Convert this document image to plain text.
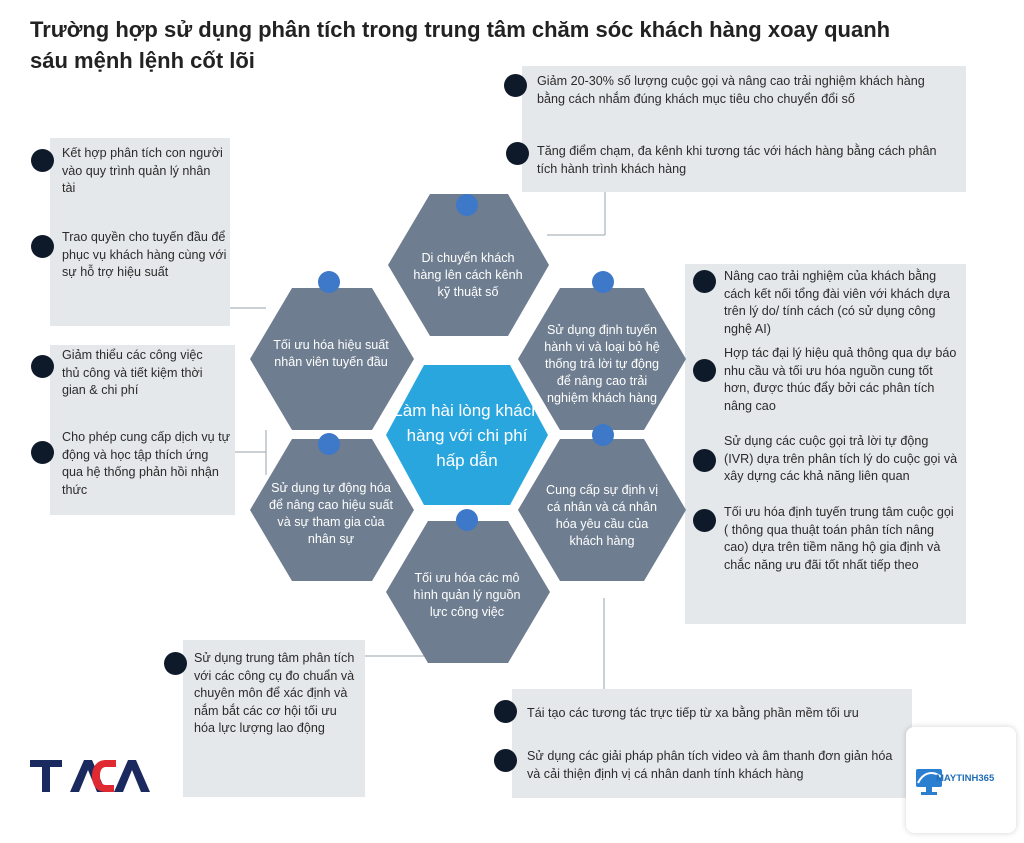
Trường hợp sử dụng phân tích trong trung tâm chăm sóc khách hàng xoay quanh sáu mệnh lệnh cốt lõi
Di chuyển khách hàng lên cách kênh kỹ thuật số
Sử dụng định tuyến hành vi và loại bỏ hệ thống trả lời tự động để nâng cao trải nghiệm khách hàng
Cung cấp sự định vị cá nhân và cá nhân hóa yêu cầu của khách hàng
Tối ưu hóa các mô hình quản lý nguồn lực công việc
Sử dụng tự động hóa để nâng cao hiệu suất và sự tham gia của nhân sự
Tối ưu hóa hiệu suất nhân viên tuyến đầu
Làm hài lòng khách hàng với chi phí hấp dẫn
Giảm 20-30% số lượng cuộc gọi và nâng cao trải nghiệm khách hàng bằng cách nhắm đúng khách mục tiêu cho chuyển đổi số
Tăng điểm chạm, đa kênh khi tương tác với hách hàng bằng cách phân tích hành trình khách hàng
Kết hợp phân tích con người vào quy trình quản lý nhân tài
Trao quyền cho tuyến đầu để phục vụ khách hàng cùng với sự hỗ trợ hiệu suất
Giảm thiểu các công việc thủ công và tiết kiệm thời gian & chi phí
Cho phép cung cấp dịch vụ tự động và học tập thích ứng qua hệ thống phản hồi nhận thức
Nâng cao trải nghiệm của khách bằng cách kết nối tổng đài viên với khách dựa trên lý do/ tính cách (có sử dụng công nghệ AI)
Hợp tác đại lý hiệu quả thông qua dự báo nhu cầu và tối ưu hóa nguồn cung tốt hơn, được thúc đẩy bởi các phân tích nâng cao
Sử dụng các cuộc gọi trả lời tự động (IVR) dựa trên phân tích lý do cuộc gọi và xây dựng các khả năng liên quan
Tối ưu hóa định tuyến trung tâm cuộc gọi ( thông qua thuật toán phân tích nâng cao) dựa trên tiềm năng hộ gia định và chắc năng ưu đãi tốt nhất tiếp theo
Sử dụng trung tâm phân tích với các công cụ đo chuẩn và chuyên môn để xác định và nắm bắt các cơ hội tối ưu hóa lực lượng lao động
Tái tạo các tương tác trực tiếp từ xa bằng phần mềm tối ưu
Sử dụng các giải pháp phân tích video và âm thanh đơn giản hóa và cải thiện định vị cá nhân danh tính khách hàng	MAYTINH365
